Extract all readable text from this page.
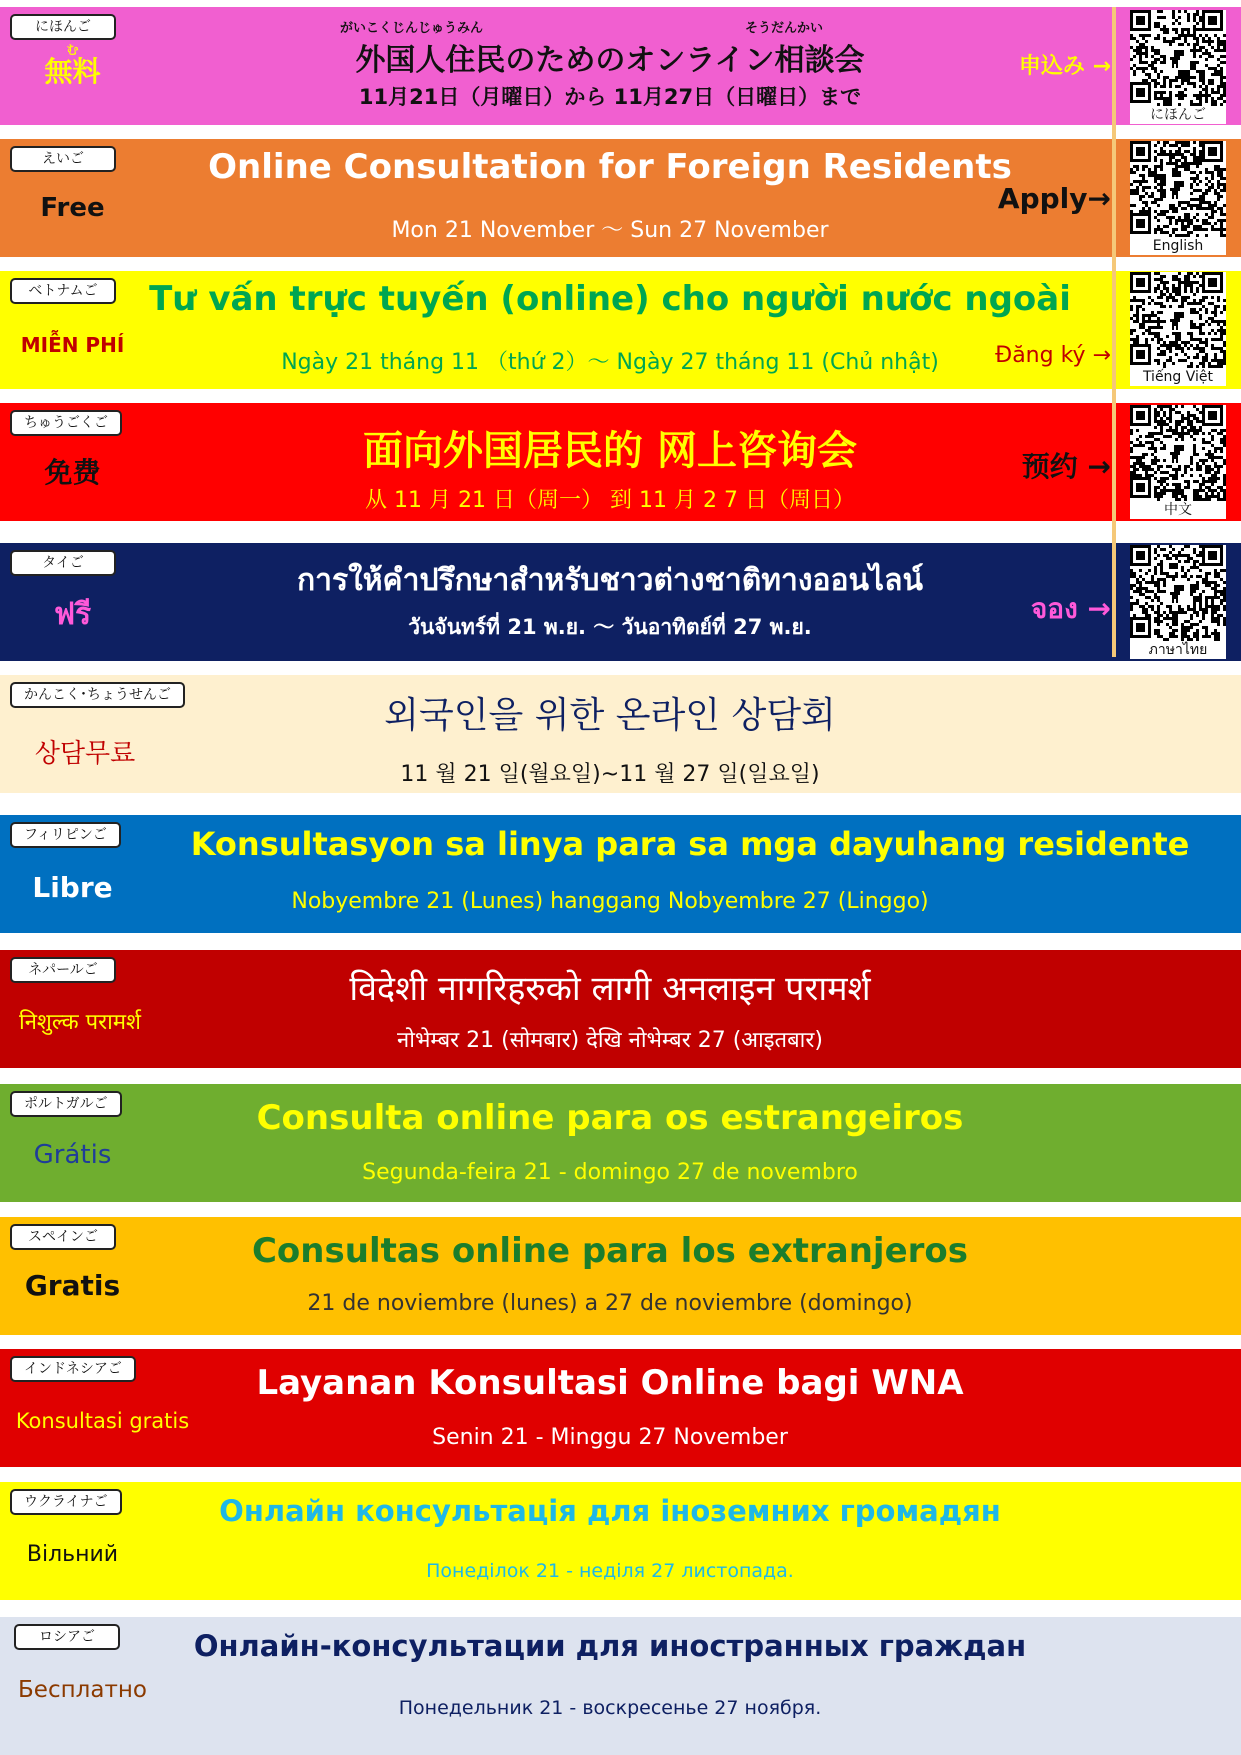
にほんご
無料む
がいこくじんじゅうみん	そうだんかい
外国人住民のためのオンライン相談会
11月21日（月曜日）から 11月27日（日曜日）まで
申込み →
えいご
Free
Online Consultation for Foreign Residents
Mon 21 November ～ Sun 27 November
Apply→
ベトナムご
MIỄN PHÍ
Tư vấn trực tuyến (online) cho người nước ngoài
Ngày 21 tháng 11 （thứ 2）～ Ngày 27 tháng 11 (Chủ nhật)	Đăng ký →
ちゅうごくご
免费	面向外国居民的 网上咨询会
从 11 月 21 日（周一） 到 11 月 2 7 日（周日）
预约 →
タイご
ฟรี
การให้คำปรึกษาสำหรับชาวต่างชาติทางออนไลน์
วันจันทร์ที่ 21 พ.ย. ～ วันอาทิตย์ที่ 27 พ.ย.
จอง →
かんこく･ちょうせんご
상담무료
외국인을 위한 온라인 상담회
11 월 21 일(월요일)~11 월 27 일(일요일)
フィリピンご
Libre
Konsultasyon sa linya para sa mga dayuhang residente
Nobyembre 21 (Lunes) hanggang Nobyembre 27 (Linggo)
ネパールご
निशुल्क परामर्श
विदेशी नागरिहरुको लागी अनलाइन परामर्श
नोभेम्बर 21 (सोमबार) देखि नोभेम्बर 27 (आइतबार)
ポルトガルご
Grátis
Consulta online para os estrangeiros
Segunda-feira 21 - domingo 27 de novembro
スペインご
Gratis
Consultas online para los extranjeros
21 de noviembre (lunes) a 27 de noviembre (domingo)
インドネシアご
Konsultasi gratis
Layanan Konsultasi Online bagi WNA
Senin 21 - Minggu 27 November
ウクライナご
Вільний
Онлайн консультація для іноземних громадян
Понеділок 21 - неділя 27 листопада.
ロシアご
Бесплатно
Онлайн-консультации для иностранных граждан
Понедельник 21 - воскресенье 27 ноября.
にほんご
English
Tiếng Việt
中文
ภาษาไทย
